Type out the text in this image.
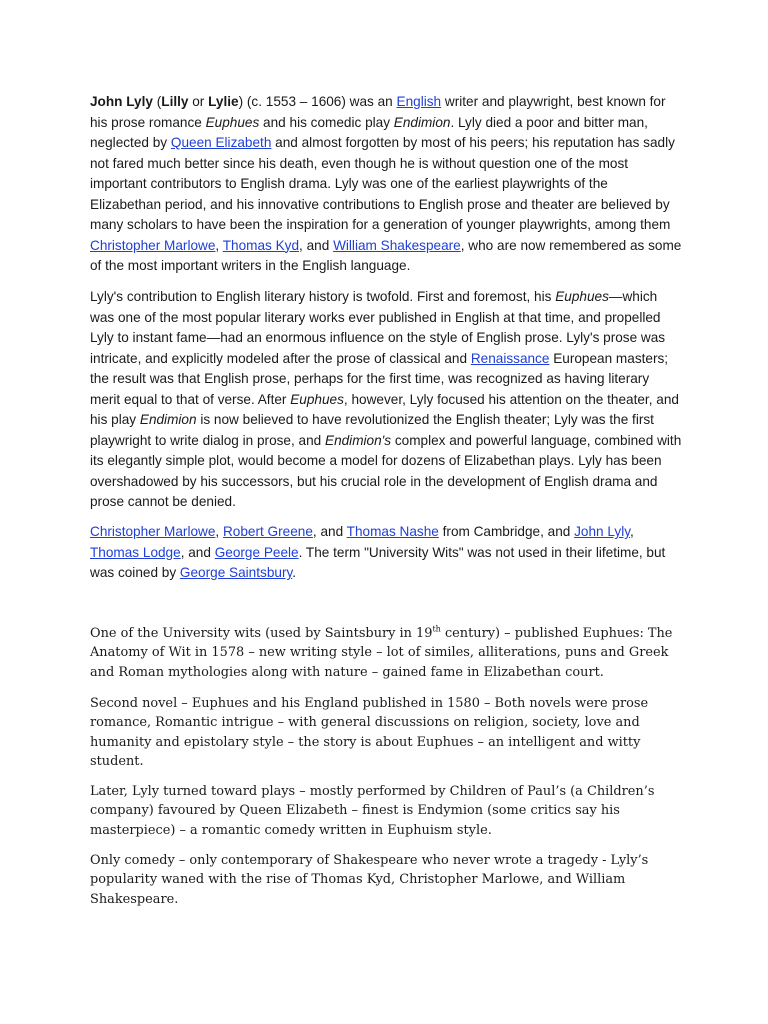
John Lyly (Lilly or Lylie) (c. 1553 – 1606) was an English writer and playwright, best known for his prose romance Euphues and his comedic play Endimion. Lyly died a poor and bitter man, neglected by Queen Elizabeth and almost forgotten by most of his peers; his reputation has sadly not fared much better since his death, even though he is without question one of the most important contributors to English drama. Lyly was one of the earliest playwrights of the Elizabethan period, and his innovative contributions to English prose and theater are believed by many scholars to have been the inspiration for a generation of younger playwrights, among them Christopher Marlowe, Thomas Kyd, and William Shakespeare, who are now remembered as some of the most important writers in the English language.

Lyly's contribution to English literary history is twofold. First and foremost, his Euphues—which was one of the most popular literary works ever published in English at that time, and propelled Lyly to instant fame—had an enormous influence on the style of English prose. Lyly's prose was intricate, and explicitly modeled after the prose of classical and Renaissance European masters; the result was that English prose, perhaps for the first time, was recognized as having literary merit equal to that of verse. After Euphues, however, Lyly focused his attention on the theater, and his play Endimion is now believed to have revolutionized the English theater; Lyly was the first playwright to write dialog in prose, and Endimion's complex and powerful language, combined with its elegantly simple plot, would become a model for dozens of Elizabethan plays. Lyly has been overshadowed by his successors, but his crucial role in the development of English drama and prose cannot be denied.

Christopher Marlowe, Robert Greene, and Thomas Nashe from Cambridge, and John Lyly, Thomas Lodge, and George Peele. The term "University Wits" was not used in their lifetime, but was coined by George Saintsbury.

One of the University wits (used by Saintsbury in 19th century) – published Euphues: The Anatomy of Wit in 1578 – new writing style – lot of similes, alliterations, puns and Greek and Roman mythologies along with nature – gained fame in Elizabethan court.

Second novel – Euphues and his England published in 1580 – Both novels were prose romance, Romantic intrigue – with general discussions on religion, society, love and humanity and epistolary style – the story is about Euphues – an intelligent and witty student.

Later, Lyly turned toward plays – mostly performed by Children of Paul’s (a Children’s company) favoured by Queen Elizabeth – finest is Endymion (some critics say his masterpiece) – a romantic comedy written in Euphuism style.

Only comedy – only contemporary of Shakespeare who never wrote a tragedy - Lyly’s popularity waned with the rise of Thomas Kyd, Christopher Marlowe, and William Shakespeare.
